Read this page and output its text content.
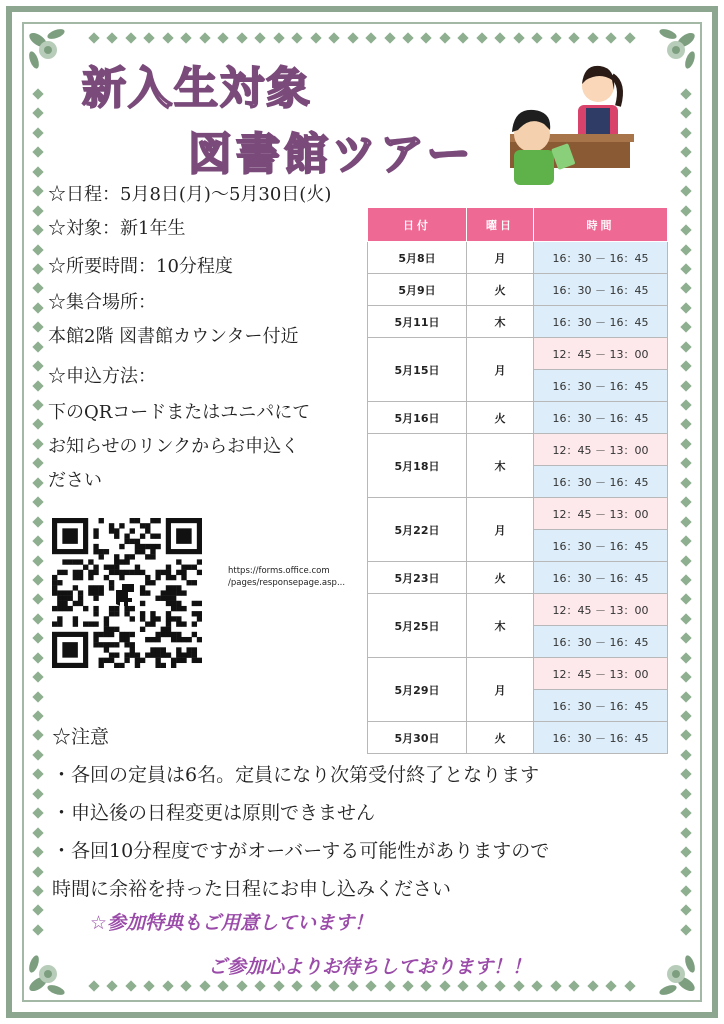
新入生対象
図書館ツアー
☆日程：5月8日(月)～5月30日(火)
☆対象：新1年生
☆所要時間：10分程度
☆集合場所：
本館2階 図書館カウンター付近
☆申込方法：
下のQRコードまたはユニパにて
お知らせのリンクからお申込く
ださい
日付	曜日	時間
5月8日	月	16：30 － 16：45
5月9日	火	16：30 － 16：45
5月11日	木	16：30 － 16：45
5月15日	月	12：45 － 13：00
		16：30 － 16：45
5月16日	火	16：30 － 16：45
5月18日	木	12：45 － 13：00
		16：30 － 16：45
5月22日	月	12：45 － 13：00
		16：30 － 16：45
5月23日	火	16：30 － 16：45
5月25日	木	12：45 － 13：00
		16：30 － 16：45
5月29日	月	12：45 － 13：00
		16：30 － 16：45
5月30日	火	16：30 － 16：45
https://forms.office.com
/pages/responsepage.asp...
☆注意
・各回の定員は6名。定員になり次第受付終了となります
・申込後の日程変更は原則できません
・各回10分程度ですがオーバーする可能性がありますので
時間に余裕を持った日程にお申し込みください
☆参加特典もご用意しています！
ご参加心よりお待ちしております！！
